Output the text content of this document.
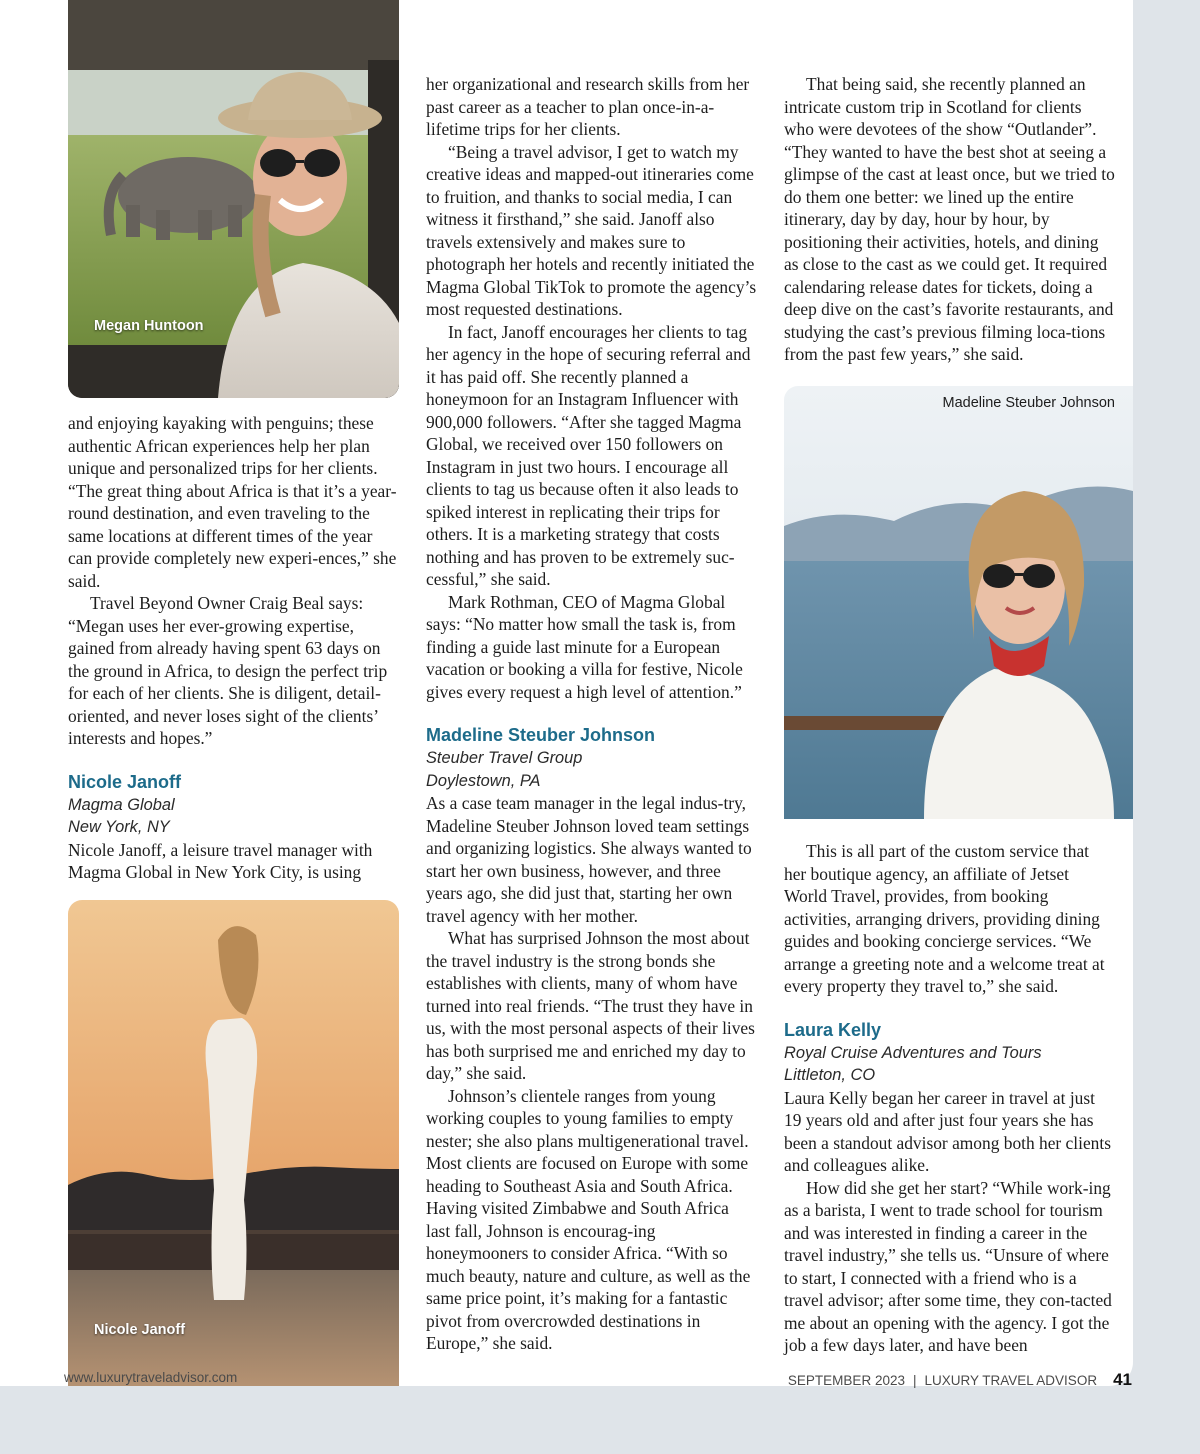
Megan Huntoon
Nicole Janoff
Madeline Steuber Johnson

and enjoying kayaking with penguins; these authentic African experiences help her plan unique and personalized trips for her clients. “The great thing about Africa is that it’s a year-round destination, and even traveling to the same locations at different times of the year can provide completely new experi-ences,” she said.

Travel Beyond Owner Craig Beal says: “Megan uses her ever-growing expertise, gained from already having spent 63 days on the ground in Africa, to design the perfect trip for each of her clients. She is diligent, detail-oriented, and never loses sight of the clients’ interests and hopes.”

Nicole Janoff

Magma Global

New York, NY

Nicole Janoff, a leisure travel manager with Magma Global in New York City, is using

her organizational and research skills from her past career as a teacher to plan once-in-a-lifetime trips for her clients.

“Being a travel advisor, I get to watch my creative ideas and mapped-out itineraries come to fruition, and thanks to social media, I can witness it firsthand,” she said. Janoff also travels extensively and makes sure to photograph her hotels and recently initiated the Magma Global TikTok to promote the agency’s most requested destinations.

In fact, Janoff encourages her clients to tag her agency in the hope of securing referral and it has paid off. She recently planned a honeymoon for an Instagram Influencer with 900,000 followers. “After she tagged Magma Global, we received over 150 followers on Instagram in just two hours. I encourage all clients to tag us because often it also leads to spiked interest in replicating their trips for others. It is a marketing strategy that costs nothing and has proven to be extremely suc-cessful,” she said.

Mark Rothman, CEO of Magma Global says: “No matter how small the task is, from finding a guide last minute for a European vacation or booking a villa for festive, Nicole gives every request a high level of attention.”

Madeline Steuber Johnson

Steuber Travel Group

Doylestown, PA

As a case team manager in the legal indus-try, Madeline Steuber Johnson loved team settings and organizing logistics. She always wanted to start her own business, however, and three years ago, she did just that, starting her own travel agency with her mother.

What has surprised Johnson the most about the travel industry is the strong bonds she establishes with clients, many of whom have turned into real friends. “The trust they have in us, with the most personal aspects of their lives has both surprised me and enriched my day to day,” she said.

Johnson’s clientele ranges from young working couples to young families to empty nester; she also plans multigenerational travel. Most clients are focused on Europe with some heading to Southeast Asia and South Africa. Having visited Zimbabwe and South Africa last fall, Johnson is encourag-ing honeymooners to consider Africa. “With so much beauty, nature and culture, as well as the same price point, it’s making for a fantastic pivot from overcrowded destinations in Europe,” she said.

That being said, she recently planned an intricate custom trip in Scotland for clients who were devotees of the show “Outlander”. “They wanted to have the best shot at seeing a glimpse of the cast at least once, but we tried to do them one better: we lined up the entire itinerary, day by day, hour by hour, by positioning their activities, hotels, and dining as close to the cast as we could get. It required calendaring release dates for tickets, doing a deep dive on the cast’s favorite restaurants, and studying the cast’s previous filming loca-tions from the past few years,” she said.

This is all part of the custom service that her boutique agency, an affiliate of Jetset World Travel, provides, from booking activities, arranging drivers, providing dining guides and booking concierge services. “We arrange a greeting note and a welcome treat at every property they travel to,” she said.

Laura Kelly

Royal Cruise Adventures and Tours

Littleton, CO

Laura Kelly began her career in travel at just 19 years old and after just four years she has been a standout advisor among both her clients and colleagues alike.

How did she get her start? “While work-ing as a barista, I went to trade school for tourism and was interested in finding a career in the travel industry,” she tells us. “Unsure of where to start, I connected with a friend who is a travel advisor; after some time, they con-tacted me about an opening with the agency. I got the job a few days later, and have been

www.luxurytraveladvisor.com	SEPTEMBER 2023 | LUXURY TRAVEL ADVISOR 41
